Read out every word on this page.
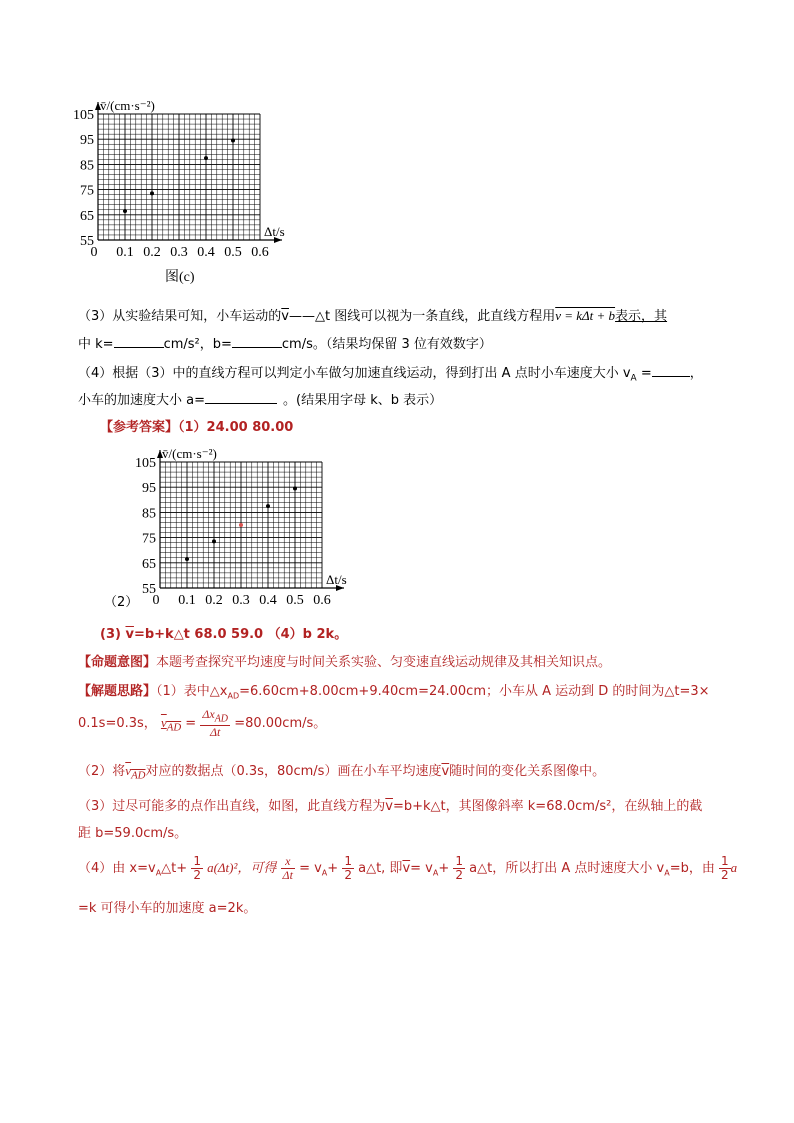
0 0.1 0.2 0.3 0.4 0.5 0.6
55
65
75
85
95
105
v̄/(cm·s⁻²)
Δt/s
图(c)
（3）从实验结果可知，小车运动的$\overline{v}——\triangle t$ 图线可以视为一条直线，此直线方程用v = kΔt + b表示，其
中 k=	cm/s²，b=	cm/s。（结果均保留 3 位有效数字）
（4）根据（3）中的直线方程可以判定小车做匀加速直线运动，得到打出 A 点时小车速度大小 $v_A$ =	，
小车的加速度大小 a=	。(结果用字母 k、b 表示）
【参考答案】（1）24.00 80.00
0 0.1 0.2 0.3 0.4 0.5 0.6
55
65
75
85
95
105
v̄/(cm·s⁻²)
Δt/s
（2）
(3) $\overline{v}=b+k\triangle t$ 68.0 59.0 （4）b 2k。
【命题意图】本题考查探究平均速度与时间关系实验、匀变速直线运动规律及其相关知识点。
【解题思路】（1）表中$\triangle x_{AD}=6.60cm+8.00cm+9.40cm=24.00cm$；小车从 A 运动到 D 的时间为△t=3×
0.1s=0.3s， $v_{AD} = \frac{\Delta x_{AD}}{\Delta t} =80.00cm/s$。
（2）将$v_{AD}$对应的数据点（0.3s，80cm/s）画在小车平均速度$\overline{v}$随时间的变化关系图像中。
（3）过尽可能多的点作出直线，如图，此直线方程为$\overline{v}=b+k\triangle t$，其图像斜率 k=68.0cm/s²，在纵轴上的截
距 b=59.0cm/s。
（4）由 $x=v_A\triangle t+ \frac{1}{2} a(\Delta t)^2$，可得 $\frac{x}{\Delta t} = v_A+ \frac{1}{2}$ a△t, 即$\overline{v}= v_A+ \frac{1}{2}$ a△t，所以打出 A 点时速度大小 $v_A=b$，由 $\frac{1}{2}$ a
=k 可得小车的加速度 a=2k。
